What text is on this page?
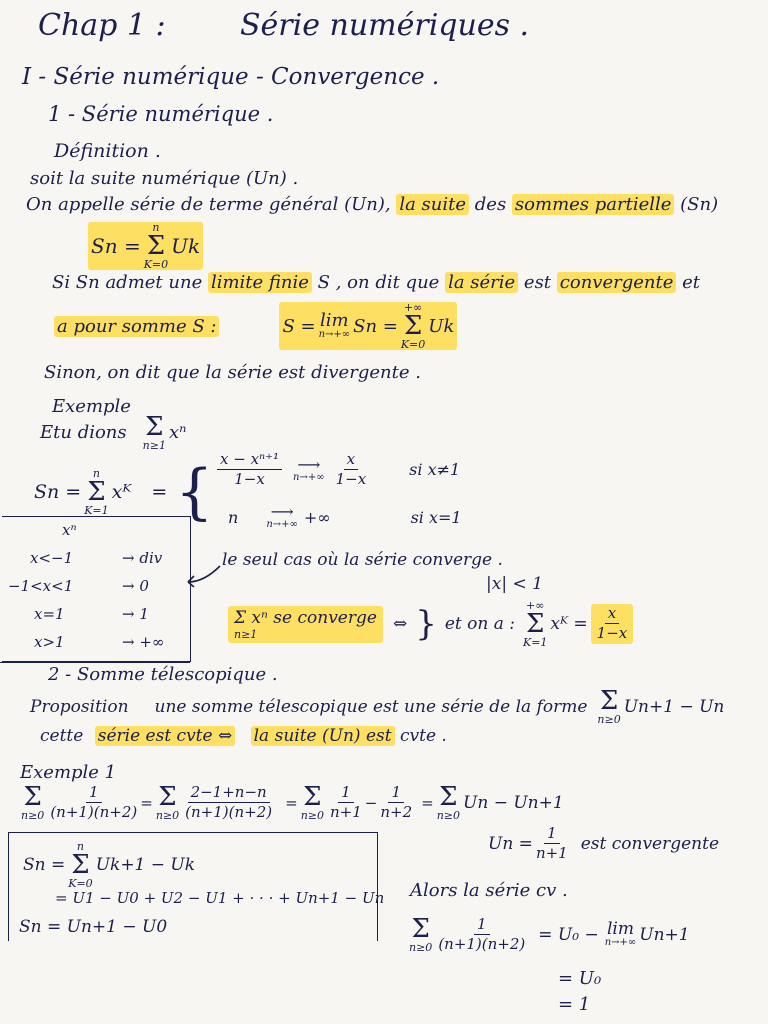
Chap 1 : Série numériques .
I - Série numérique - Convergence .
1 - Série numérique .
Définition .
soit la suite numérique (Un) .
On appelle série de terme général (Un), la suite des sommes partielle (Sn)
Sn =
n
Σ
K=0
Uk
Si Sn admet une limite finie S , on dit que la série est convergente et
a pour somme S :	S = lim
n→+∞ Sn =
+∞
Σ
K=0
Uk
Sinon, on dit que la série est divergente .
Exemple
Etu dions Σ
n≥1
xⁿ
Sn =
n
Σ
K=1
xᴷ = { $\frac{\text{x − xⁿ⁺¹}}{1-x}$ ⟶
$n\to+\infty \frac{x}{1-x}$	si x≠1
n ⟶
n→+∞ +∞	si x=1
xⁿ
x<−1	→ div
−1<x<1	→ 0
x=1	→ 1
x>1	→ +∞
le seul cas où la série converge .
|x| < 1
Σ xⁿ se converge
n≥1	⇔ } et on a :
+∞
Σ
K=1
xᴷ = $\frac{x}{1-x}$
2 - Somme télescopique .
Proposition une somme télescopique est une série de la forme Σ
n≥0
Un+1 − Un
cette série est cvte ⇔ la suite (Un) est cvte .
Exemple 1
Σ
$n\ge 0 \frac{1}{(n+1)(n+2)} = \Sigma$
$n\ge 0 \frac{2-1+n-n}{(n+1)(n+2)} = \Sigma$
$n\ge 0 \frac{1}{n+1} - \frac{1}{n+2} = \Sigma$
n≥0
Un − Un+1
$Un = \frac{1}{n+1}$ est convergente
Sn =
n
Σ
K=0
Uk+1 − Uk
= U1 − U0 + U2 − U1 + · · · + Un+1 − Un
Sn = Un+1 − U0
Alors la série cv .
Σ
$n\ge 0 \frac{1}{(n+1)(n+2)} = U_0 - \lim$
n→+∞ Un+1
= U₀
= 1
